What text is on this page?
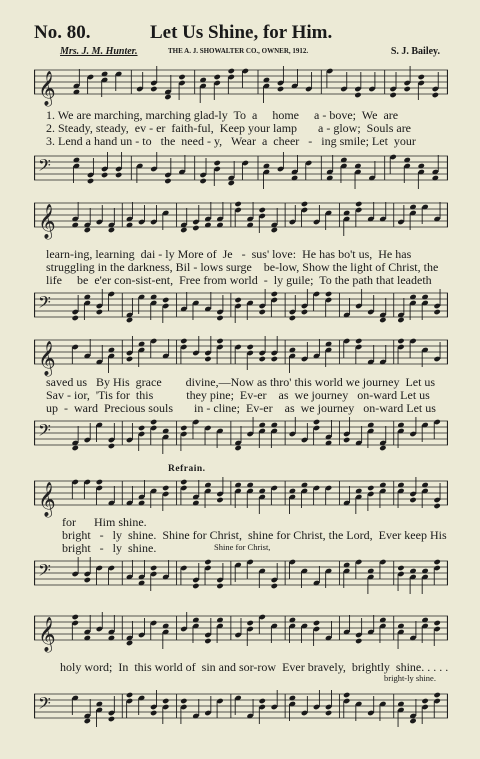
No. 80.	Let Us Shine, for Him.
Mrs. J. M. Hunter.	THE A. J. SHOWALTER CO., OWNER, 1912.	S. J. Bailey.
𝄞
1. We are marching, marching glad-ly  To  a     home     a - bove;  We  are
2. Steady, steady,  ev - er  faith-ful,  Keep your lamp       a - glow;  Souls are
3. Lend a hand un - to   the  need - y,   Wear  a  cheer   -   ing smile; Let  your
𝄢
𝄞
learn-ing, learning  dai - ly More of  Je   -  sus' love:  He has bo't us,  He has
struggling in the darkness, Bil - lows surge    be-low, Show the light of Christ, the
life     be  e'er con-sist-ent,  Free from world  -  ly guile;  To the path that leadeth
𝄢
𝄞
saved us   By His  grace        divine,—Now as thro' this world we journey  Let us
Sav - ior,  'Tis for  this           they pine;  Ev-er    as  we journey   on-ward Let us
up  -  ward  Precious souls       in - cline;  Ev-er    as  we journey   on-ward Let us
𝄢
Refrain.
𝄞
for      Him shine.
bright   -   ly  shine.  Shine for Christ,  shine for Christ, the Lord,  Ever keep His
bright   -   ly  shine.	Shine for Christ,
𝄢
𝄞
holy word;  In  this world of  sin and sor-row  Ever bravely,  brightly  shine. . . . .
bright-ly shine.
𝄢
